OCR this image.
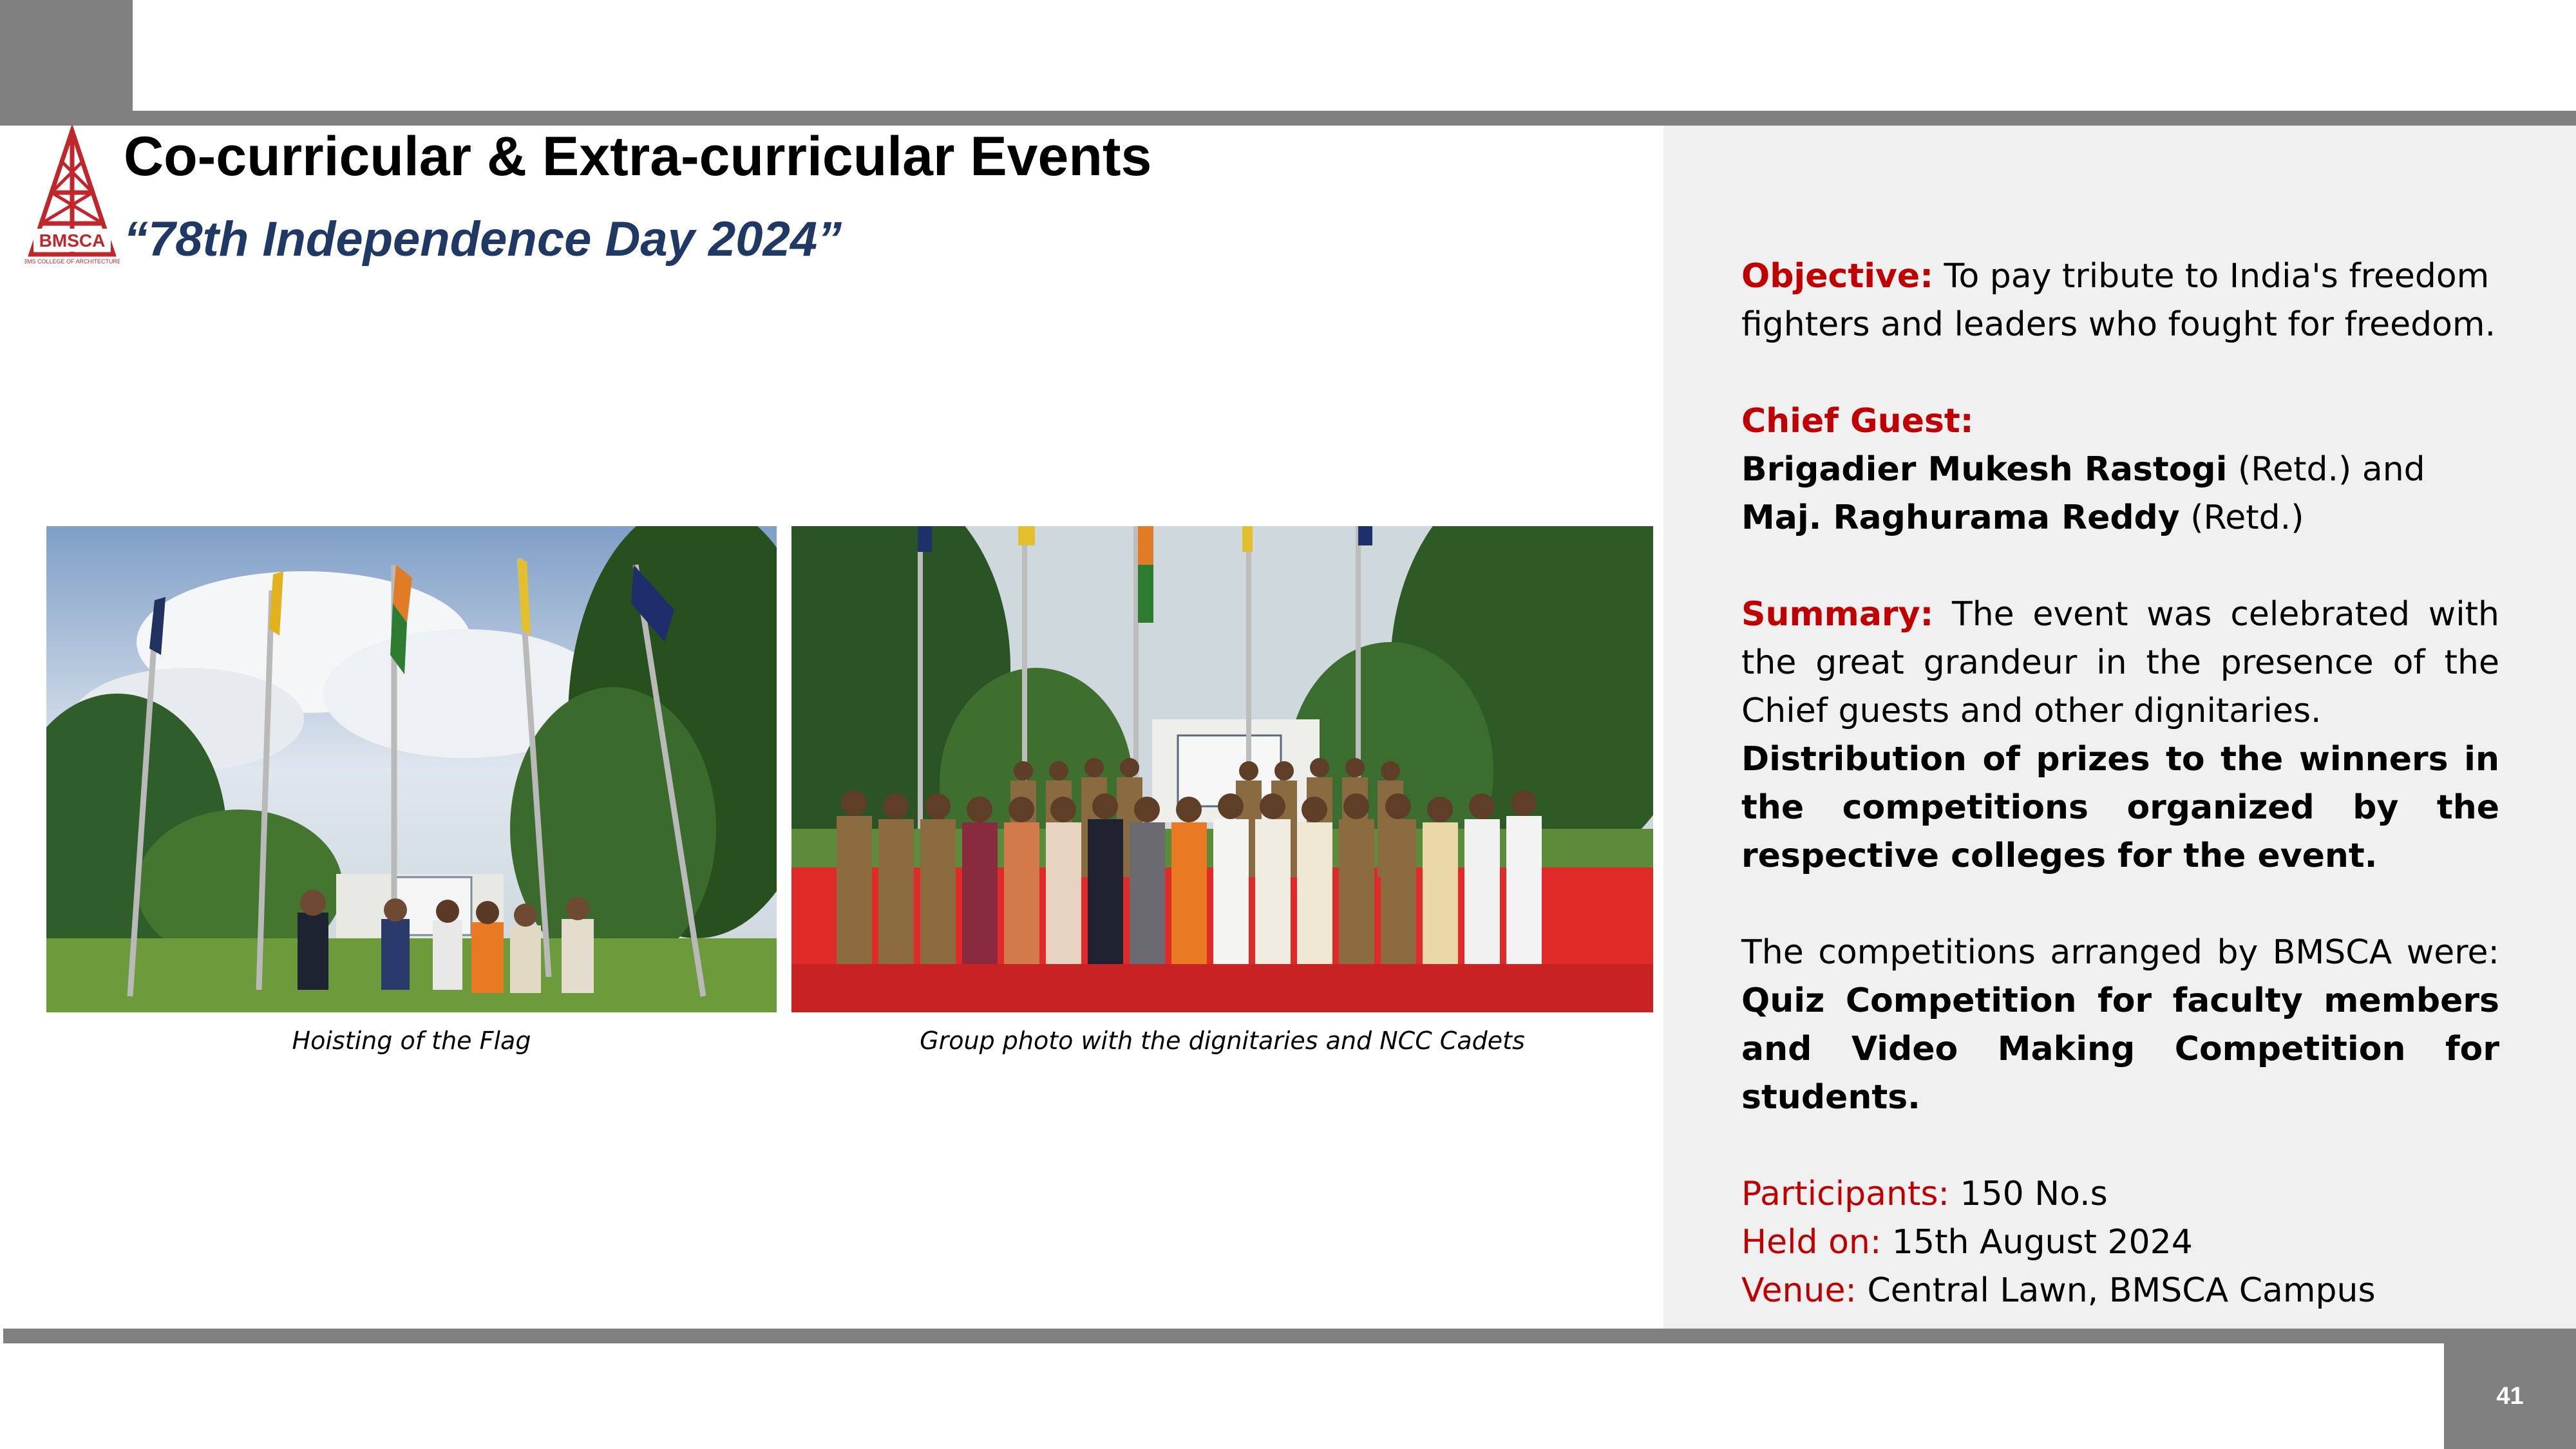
41
BMSCA
BMS COLLEGE OF ARCHITECTURE
Co-curricular & Extra-curricular Events
“78th Independence Day 2024”
Hoisting of the Flag	Group photo with the dignitaries and NCC Cadets

Objective: To pay tribute to India's freedom fighters and leaders who fought for freedom.

Chief Guest:

Brigadier Mukesh Rastogi (Retd.) and

Maj. Raghurama Reddy (Retd.)

Summary: The event was celebrated with the great grandeur in the presence of the Chief guests and other dignitaries.

Distribution of prizes to the winners in the competitions organized by the respective colleges for the event.

The competitions arranged by BMSCA were: Quiz Competition for faculty members and Video Making Competition for students.

Participants: 150 No.s

Held on: 15th August 2024

Venue: Central Lawn, BMSCA Campus
